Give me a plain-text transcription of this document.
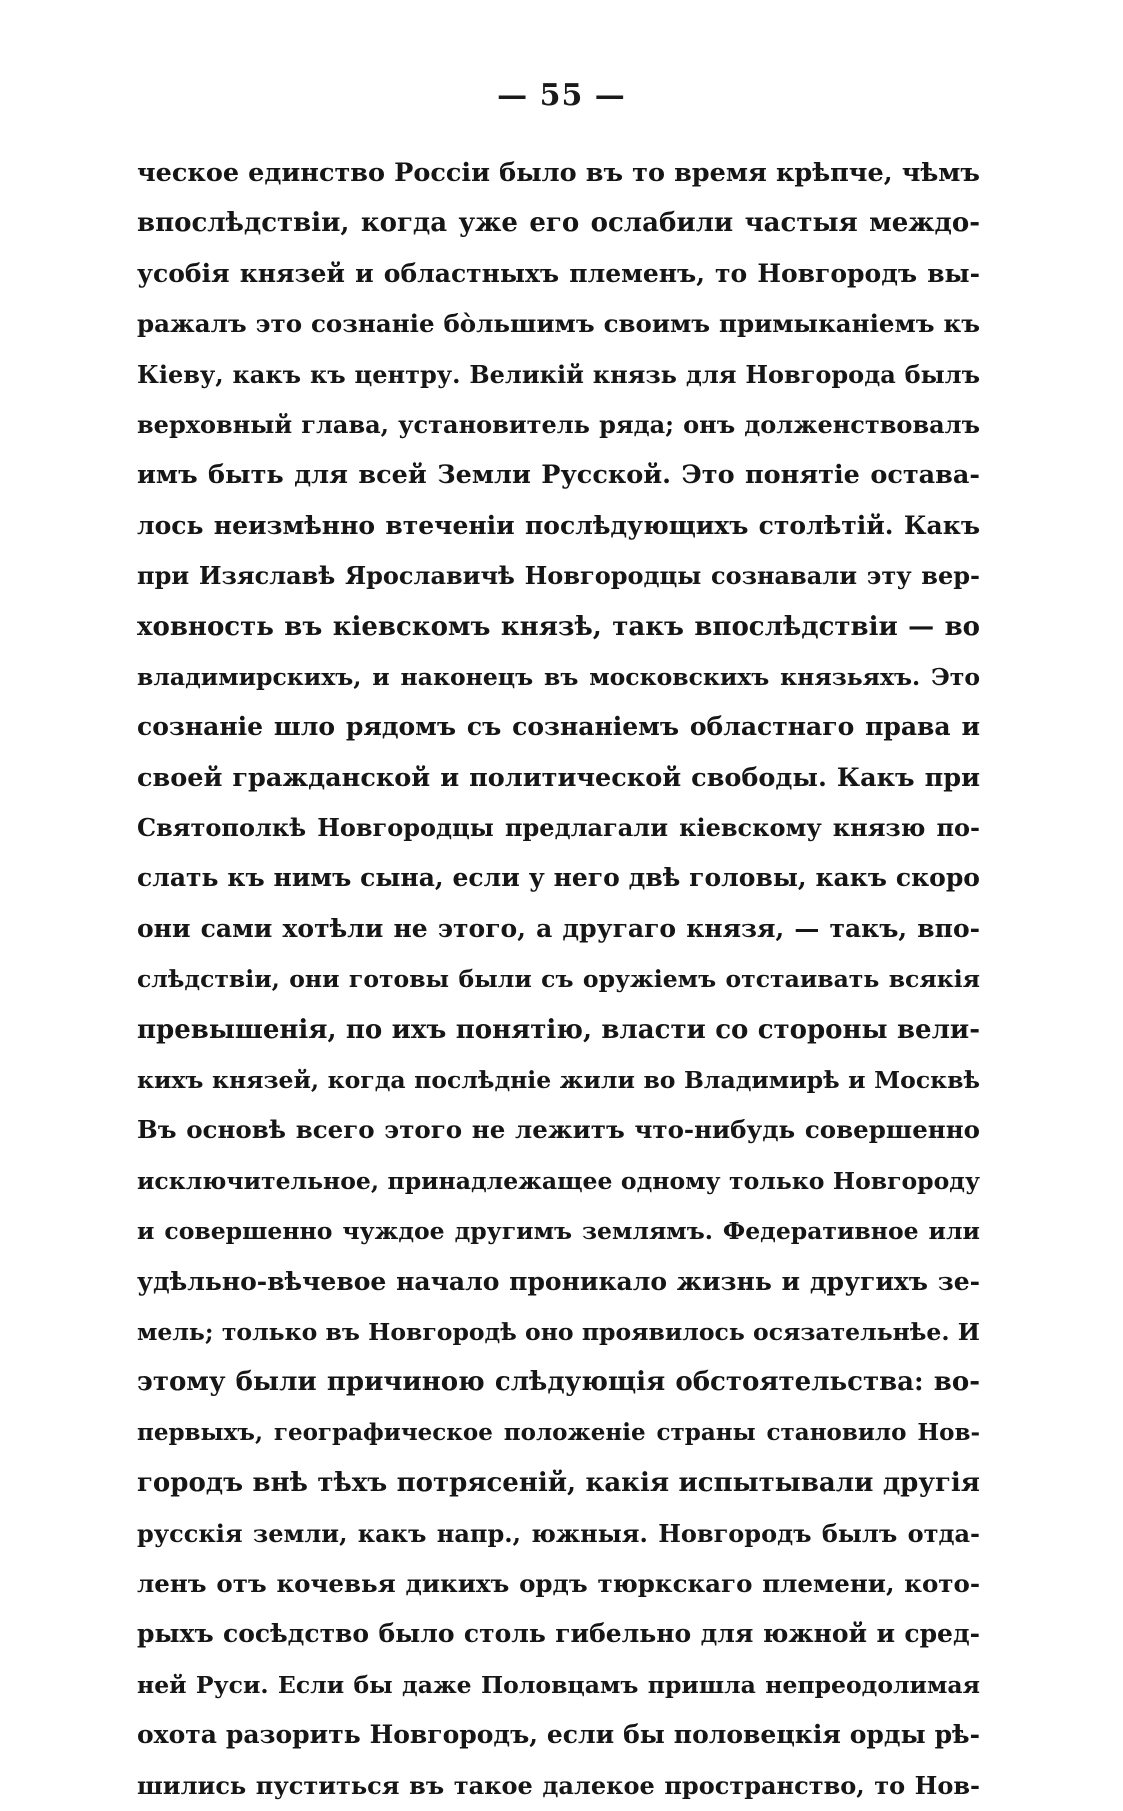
— 55 —
ческое единство Россіи было въ то время крѣпче, чѣмъ
впослѣдствіи, когда уже его ослабили частыя междо-
усобія князей и областныхъ племенъ, то Новгородъ вы-
ражалъ это сознаніе бо̀льшимъ своимъ примыканіемъ къ
Кіеву, какъ къ центру. Великій князь для Новгорода былъ
верховный глава, установитель ряда; онъ долженствовалъ
имъ быть для всей Земли Русской. Это понятіе остава-
лось неизмѣнно втеченіи послѣдующихъ столѣтій. Какъ
при Изяславѣ Ярославичѣ Новгородцы сознавали эту вер-
ховность въ кіевскомъ князѣ, такъ впослѣдствіи — во
владимирскихъ, и наконецъ въ московскихъ князьяхъ. Это
сознаніе шло рядомъ съ сознаніемъ областнаго права и
своей гражданской и политической свободы. Какъ при
Святополкѣ Новгородцы предлагали кіевскому князю по-
слать къ нимъ сына, если у него двѣ головы, какъ скоро
они сами хотѣли не этого, а другаго князя, — такъ, впо-
слѣдствіи, они готовы были съ оружіемъ отстаивать всякія
превышенія, по ихъ понятію, власти со стороны вели-
кихъ князей, когда послѣдніе жили во Владимирѣ и Москвѣ
Въ основѣ всего этого не лежитъ что-нибудь совершенно
исключительное, принадлежащее одному только Новгороду
и совершенно чуждое другимъ землямъ. Федеративное или
удѣльно-вѣчевое начало проникало жизнь и другихъ зе-
мель; только въ Новгородѣ оно проявилось осязательнѣе. И
этому были причиною слѣдующія обстоятельства: во-
первыхъ, географическое положеніе страны становило Нов-
городъ внѣ тѣхъ потрясеній, какія испытывали другія
русскія земли, какъ напр., южныя. Новгородъ былъ отда-
ленъ отъ кочевья дикихъ ордъ тюркскаго племени, кото-
рыхъ сосѣдство было столь гибельно для южной и сред-
ней Руси. Если бы даже Половцамъ пришла непреодолимая
охота разорить Новгородъ, если бы половецкія орды рѣ-
шились пуститься въ такое далекое пространство, то Нов-
